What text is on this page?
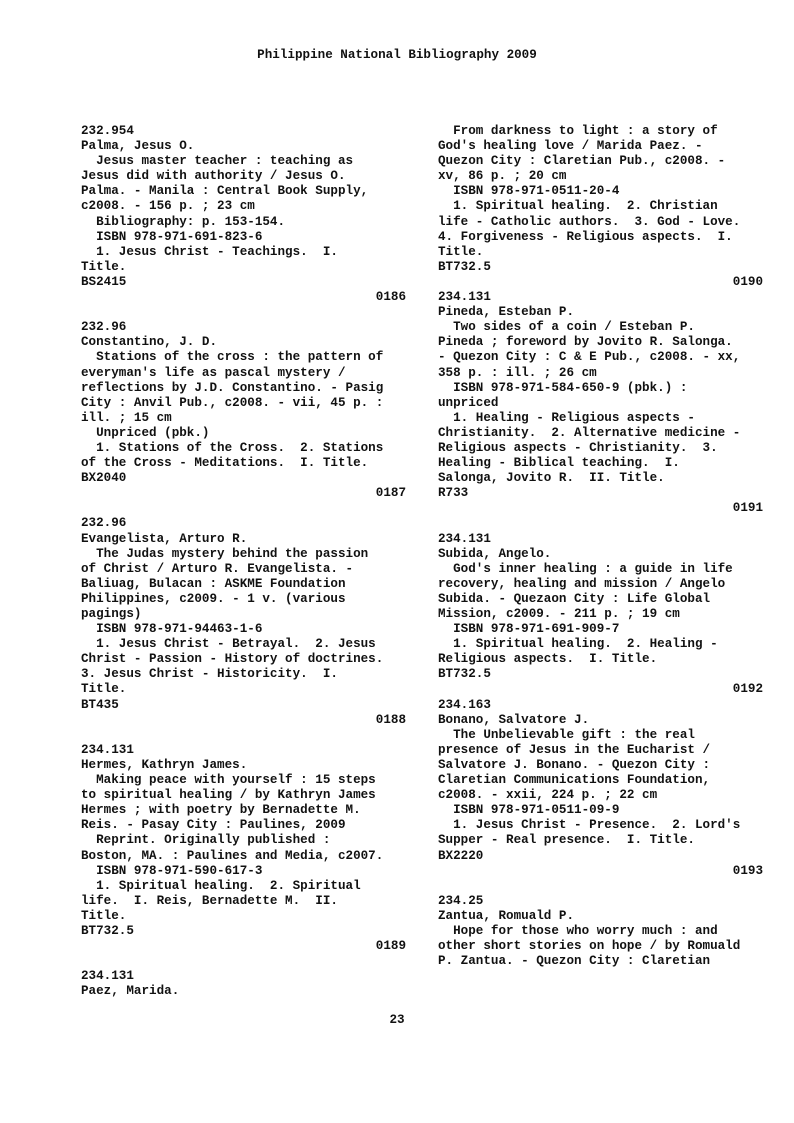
Philippine National Bibliography 2009
232.954
Palma, Jesus O.
Jesus master teacher : teaching as
Jesus did with authority / Jesus O.
Palma. - Manila : Central Book Supply,
c2008. - 156 p. ; 23 cm
Bibliography: p. 153-154.
ISBN 978-971-691-823-6
1. Jesus Christ - Teachings.  I.
Title.
BS2415
0186
232.96
Constantino, J. D.
Stations of the cross : the pattern of
everyman's life as pascal mystery /
reflections by J.D. Constantino. - Pasig
City : Anvil Pub., c2008. - vii, 45 p. :
ill. ; 15 cm
Unpriced (pbk.)
1. Stations of the Cross.  2. Stations
of the Cross - Meditations.  I. Title.
BX2040
0187
232.96
Evangelista, Arturo R.
The Judas mystery behind the passion
of Christ / Arturo R. Evangelista. -
Baliuag, Bulacan : ASKME Foundation
Philippines, c2009. - 1 v. (various
pagings)
ISBN 978-971-94463-1-6
1. Jesus Christ - Betrayal.  2. Jesus
Christ - Passion - History of doctrines.
3. Jesus Christ - Historicity.  I.
Title.
BT435
0188
234.131
Hermes, Kathryn James.
Making peace with yourself : 15 steps
to spiritual healing / by Kathryn James
Hermes ; with poetry by Bernadette M.
Reis. - Pasay City : Paulines, 2009
Reprint. Originally published :
Boston, MA. : Paulines and Media, c2007.
ISBN 978-971-590-617-3
1. Spiritual healing.  2. Spiritual
life.  I. Reis, Bernadette M.  II.
Title.
BT732.5
0189
234.131
Paez, Marida.
From darkness to light : a story of
God's healing love / Marida Paez. -
Quezon City : Claretian Pub., c2008. -
xv, 86 p. ; 20 cm
ISBN 978-971-0511-20-4
1. Spiritual healing.  2. Christian
life - Catholic authors.  3. God - Love.
4. Forgiveness - Religious aspects.  I.
Title.
BT732.5
0190
234.131
Pineda, Esteban P.
Two sides of a coin / Esteban P.
Pineda ; foreword by Jovito R. Salonga.
- Quezon City : C & E Pub., c2008. - xx,
358 p. : ill. ; 26 cm
ISBN 978-971-584-650-9 (pbk.) :
unpriced
1. Healing - Religious aspects -
Christianity.  2. Alternative medicine -
Religious aspects - Christianity.  3.
Healing - Biblical teaching.  I.
Salonga, Jovito R.  II. Title.
R733
0191
234.131
Subida, Angelo.
God's inner healing : a guide in life
recovery, healing and mission / Angelo
Subida. - Quezaon City : Life Global
Mission, c2009. - 211 p. ; 19 cm
ISBN 978-971-691-909-7
1. Spiritual healing.  2. Healing -
Religious aspects.  I. Title.
BT732.5
0192
234.163
Bonano, Salvatore J.
The Unbelievable gift : the real
presence of Jesus in the Eucharist /
Salvatore J. Bonano. - Quezon City :
Claretian Communications Foundation,
c2008. - xxii, 224 p. ; 22 cm
ISBN 978-971-0511-09-9
1. Jesus Christ - Presence.  2. Lord's
Supper - Real presence.  I. Title.
BX2220
0193
234.25
Zantua, Romuald P.
Hope for those who worry much : and
other short stories on hope / by Romuald
P. Zantua. - Quezon City : Claretian
23
